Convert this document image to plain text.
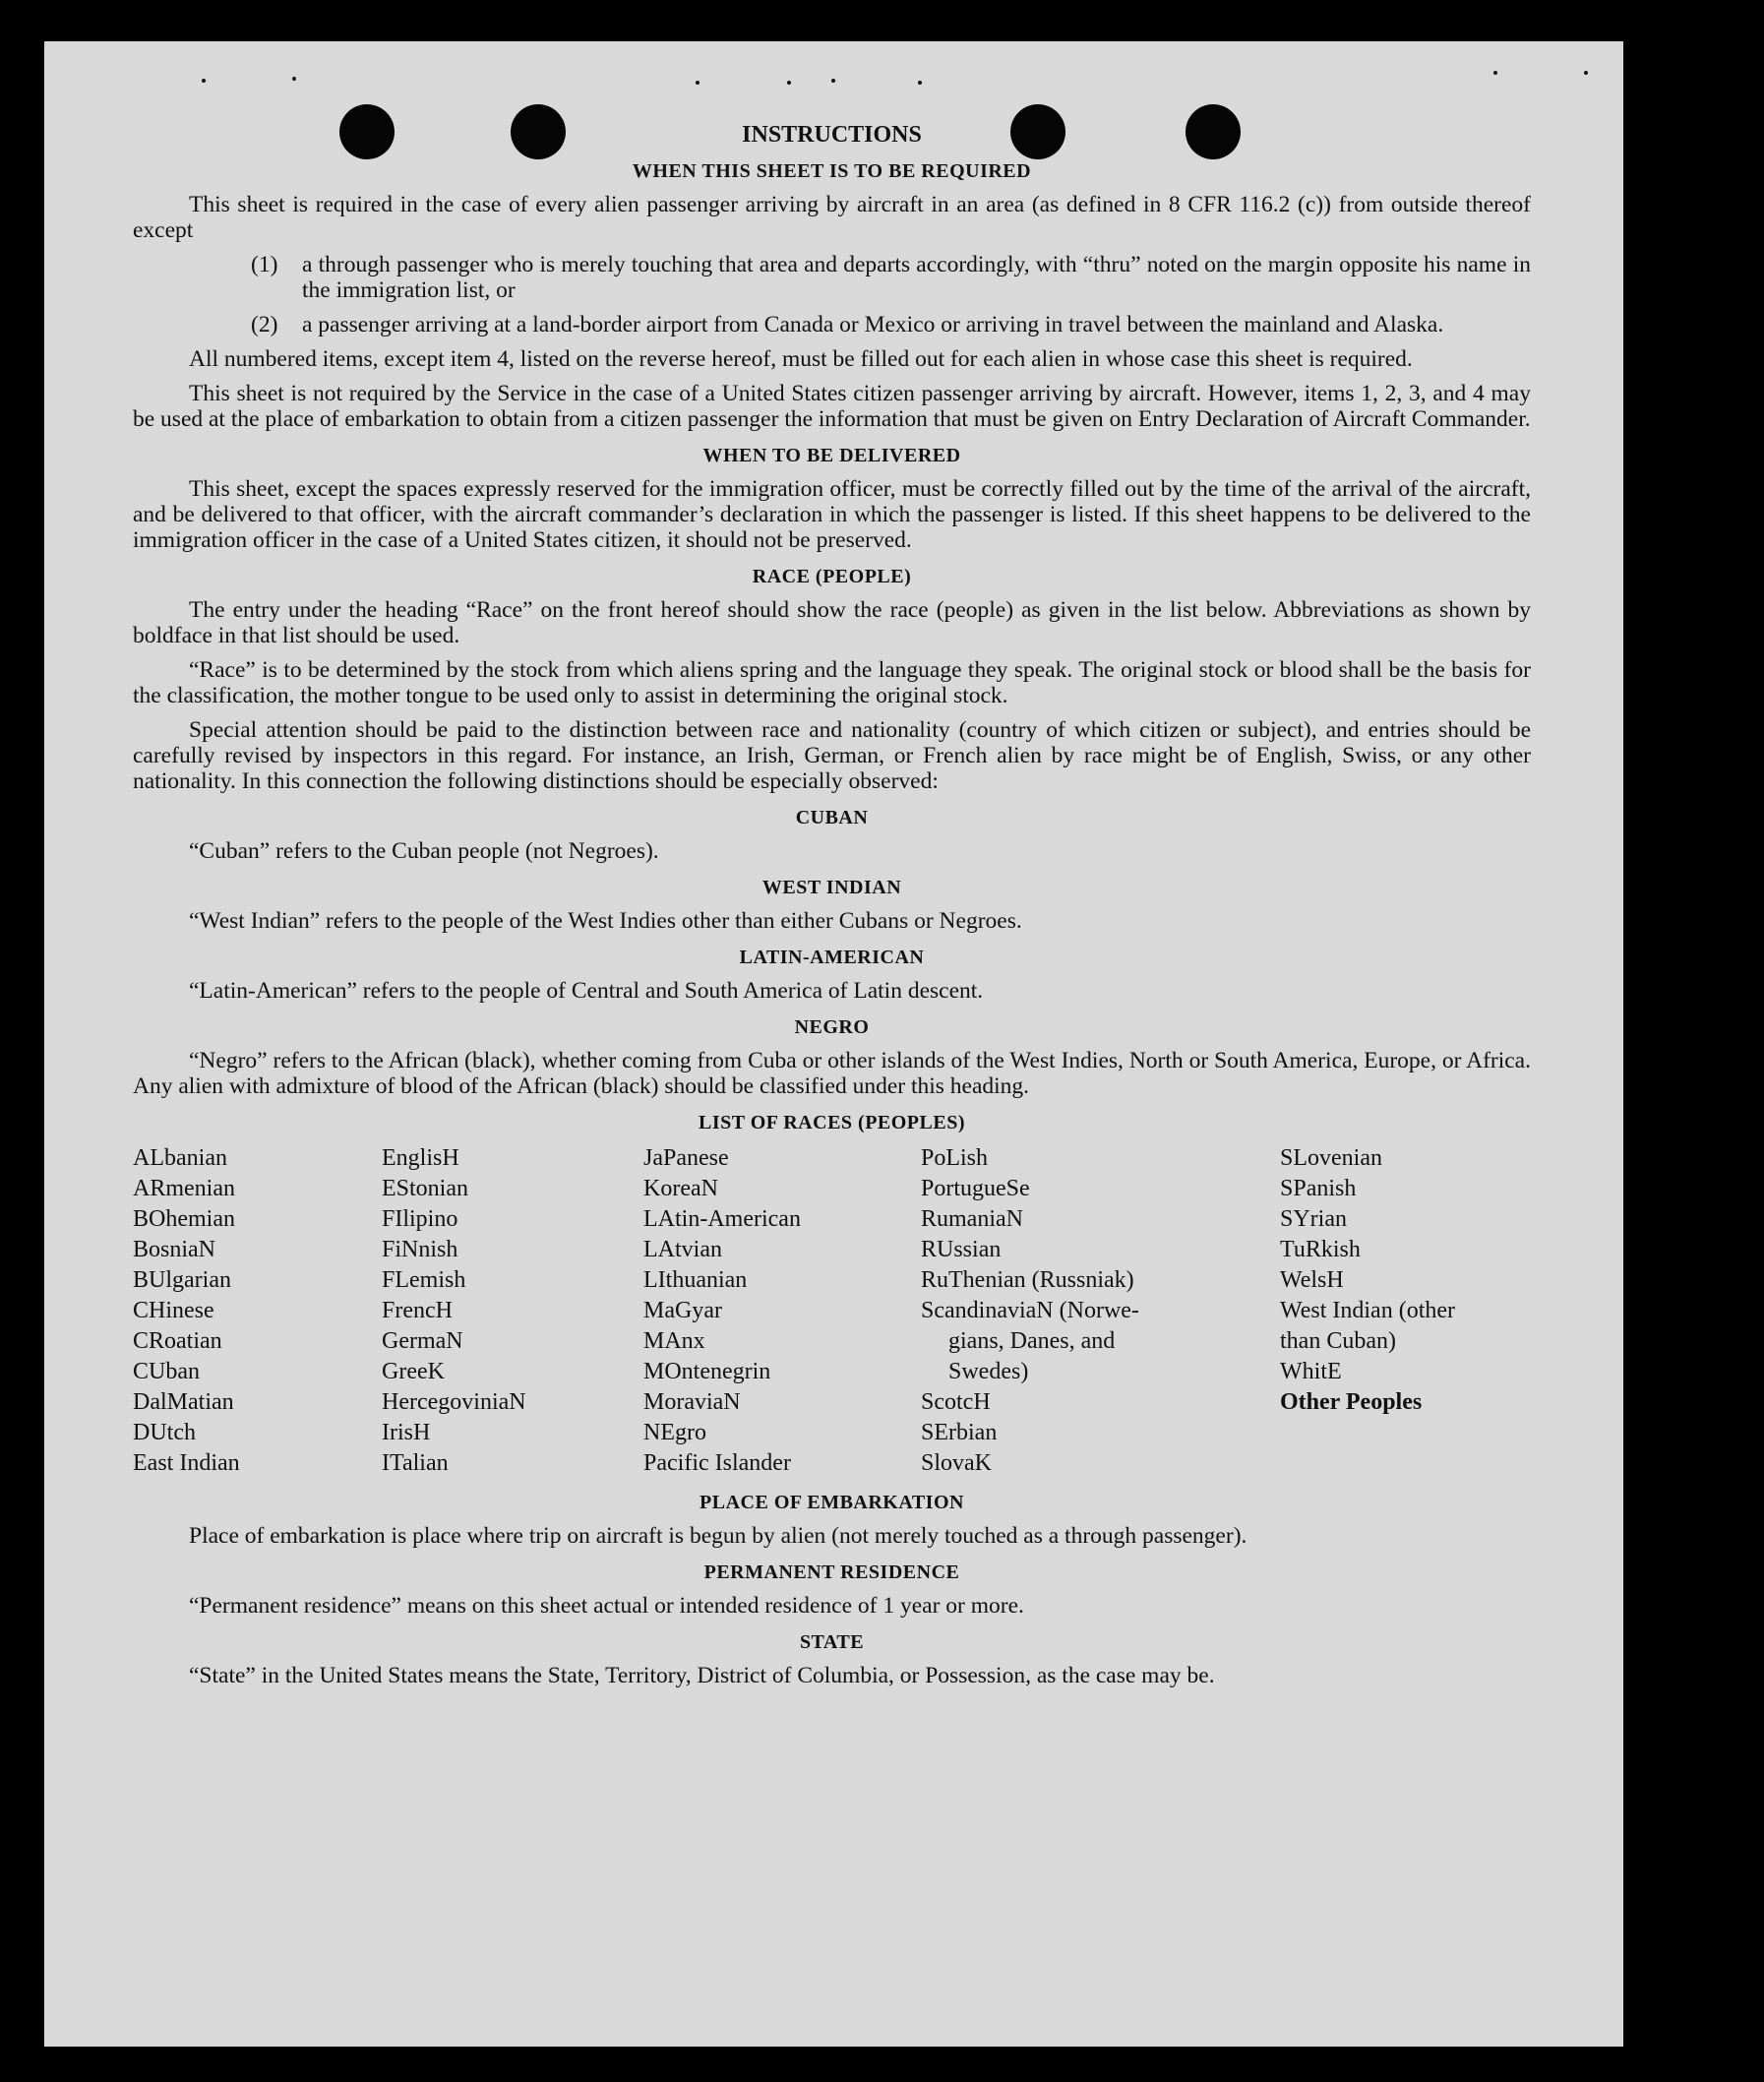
INSTRUCTIONS
WHEN THIS SHEET IS TO BE REQUIRED
This sheet is required in the case of every alien passenger arriving by aircraft in an area (as defined in 8 CFR 116.2 (c)) from outside thereof except
(1)	a through passenger who is merely touching that area and departs accordingly, with “thru” noted on the margin opposite his name in the immigration list, or
(2)	a passenger arriving at a land-border airport from Canada or Mexico or arriving in travel between the mainland and Alaska.
All numbered items, except item 4, listed on the reverse hereof, must be filled out for each alien in whose case this sheet is required.
This sheet is not required by the Service in the case of a United States citizen passenger arriving by aircraft. However, items 1, 2, 3, and 4 may be used at the place of embarkation to obtain from a citizen passenger the information that must be given on Entry Declaration of Aircraft Commander.
WHEN TO BE DELIVERED
This sheet, except the spaces expressly reserved for the immigration officer, must be correctly filled out by the time of the arrival of the aircraft, and be delivered to that officer, with the aircraft commander’s declaration in which the passenger is listed. If this sheet happens to be delivered to the immigration officer in the case of a United States citizen, it should not be preserved.
RACE (PEOPLE)
The entry under the heading “Race” on the front hereof should show the race (people) as given in the list below. Abbreviations as shown by boldface in that list should be used.
“Race” is to be determined by the stock from which aliens spring and the language they speak. The original stock or blood shall be the basis for the classification, the mother tongue to be used only to assist in determining the original stock.
Special attention should be paid to the distinction between race and nationality (country of which citizen or subject), and entries should be carefully revised by inspectors in this regard. For instance, an Irish, German, or French alien by race might be of English, Swiss, or any other nationality. In this connection the following distinctions should be especially observed:
CUBAN
“Cuban” refers to the Cuban people (not Negroes).
WEST INDIAN
“West Indian” refers to the people of the West Indies other than either Cubans or Negroes.
LATIN-AMERICAN
“Latin-American” refers to the people of Central and South America of Latin descent.
NEGRO
“Negro” refers to the African (black), whether coming from Cuba or other islands of the West Indies, North or South America, Europe, or Africa. Any alien with admixture of blood of the African (black) should be classified under this heading.
LIST OF RACES (PEOPLES)
ALbanian
ARmenian
BOhemian
BosniaN
BUlgarian
CHinese
CRoatian
CUban
DalMatian
DUtch
East Indian
EnglisH
EStonian
FIlipino
FiNnish
FLemish
FrencH
GermaN
GreeK
HercegoviniaN
IrisH
ITalian
JaPanese
KoreaN
LAtin-American
LAtvian
LIthuanian
MaGyar
MAnx
MOntenegrin
MoraviaN
NEgro
Pacific Islander
PoLish
PortugueSe
RumaniaN
RUssian
RuThenian (Russniak)
ScandinaviaN (Norwe-
gians, Danes, and
Swedes)
ScotcH
SErbian
SlovaK
SLovenian
SPanish
SYrian
TuRkish
WelsH
West Indian (other
than Cuban)
WhitE
Other Peoples
PLACE OF EMBARKATION
Place of embarkation is place where trip on aircraft is begun by alien (not merely touched as a through passenger).
PERMANENT RESIDENCE
“Permanent residence” means on this sheet actual or intended residence of 1 year or more.
STATE
“State” in the United States means the State, Territory, District of Columbia, or Possession, as the case may be.
